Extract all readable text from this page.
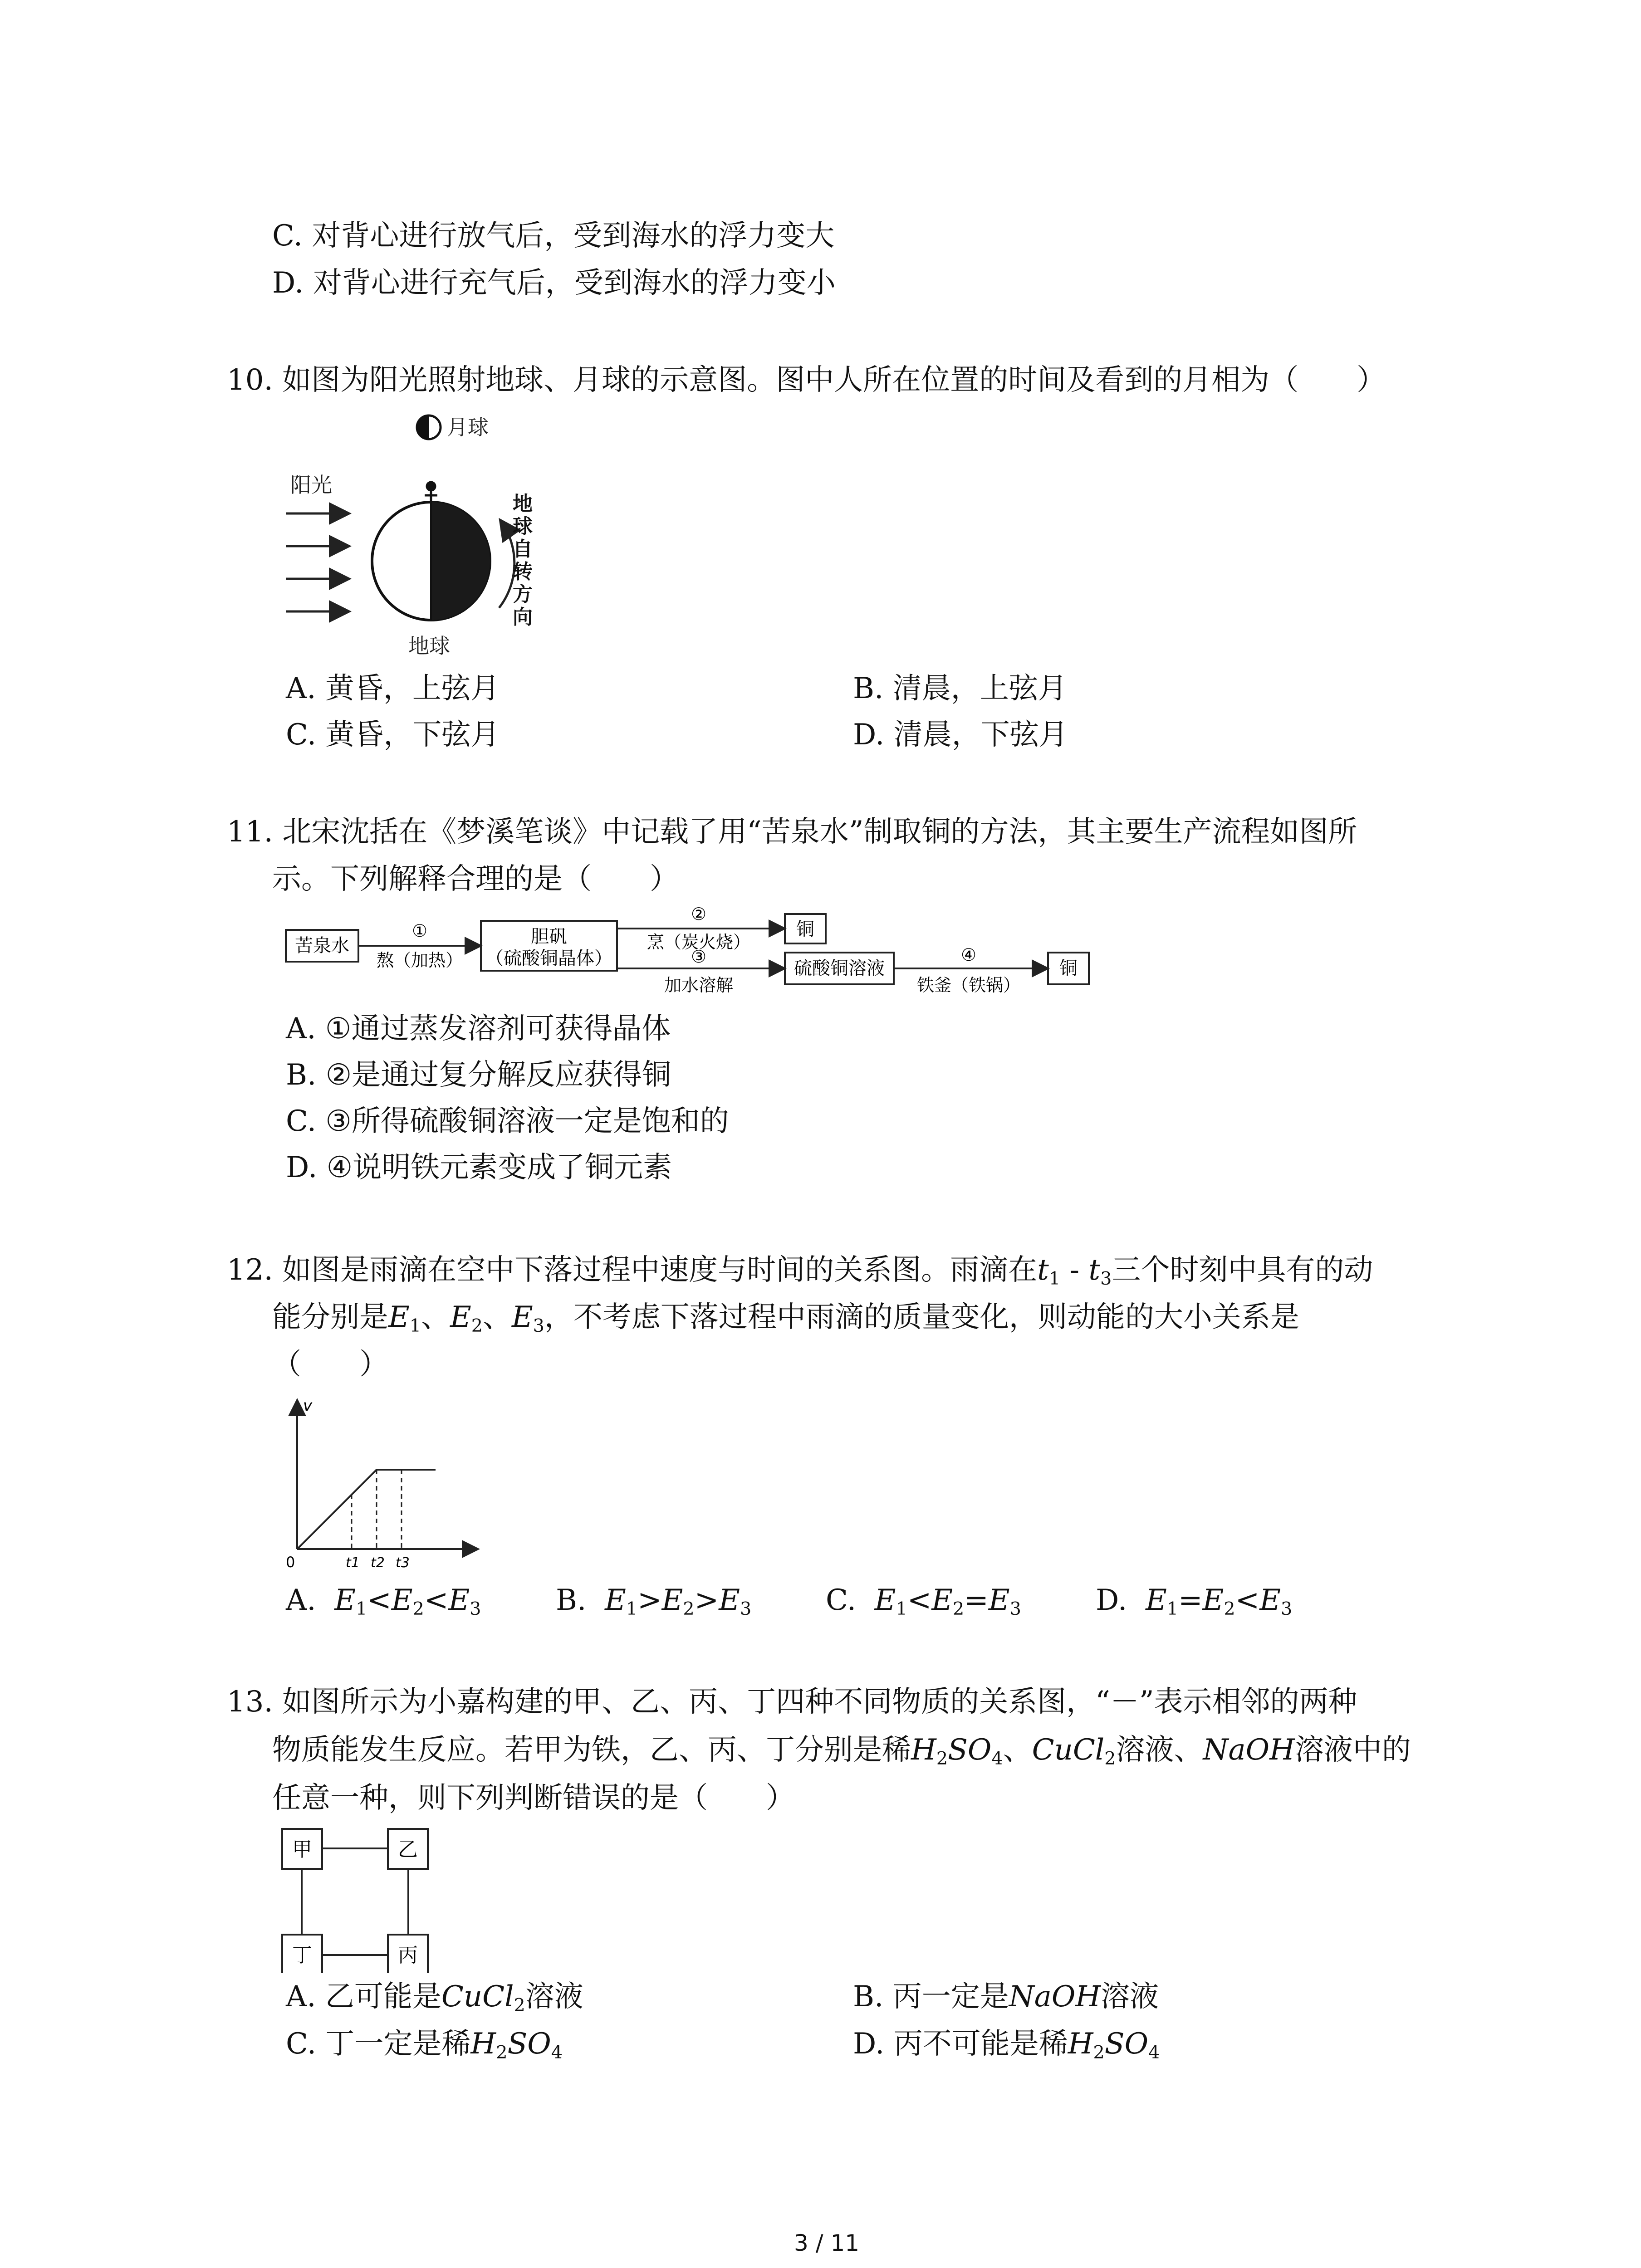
C. 对背心进行放气后，受到海水的浮力变大
D. 对背心进行充气后，受到海水的浮力变小
10. 如图为阳光照射地球、月球的示意图。图中人所在位置的时间及看到的月相为（　　）
月球
阳光
地
球
自
转
方
向
地球
A. 黄昏，上弦月	B. 清晨，上弦月
C. 黄昏，下弦月	D. 清晨，下弦月
11. 北宋沈括在《梦溪笔谈》中记载了用“苦泉水”制取铜的方法，其主要生产流程如图所
示。下列解释合理的是（　　）
苦泉水	胆矾
（硫酸铜晶体）
铜
硫酸铜溶液	铜
①
熬（加热）
②
烹（炭火烧）
③
加水溶解
④
铁釜（铁锅）
A. ①通过蒸发溶剂可获得晶体
B. ②是通过复分解反应获得铜
C. ③所得硫酸铜溶液一定是饱和的
D. ④说明铁元素变成了铜元素
12. 如图是雨滴在空中下落过程中速度与时间的关系图。雨滴在$t_1 - t_3$三个时刻中具有的动
能分别是$E_1$、$E_2$、$E_3$，不考虑下落过程中雨滴的质量变化，则动能的大小关系是
（　　）
v
0	t1 t2 t3
A. $E_1<E_2<E_3$	B. $E_1>E_2>E_3$	C. $E_1<E_2=E_3$	D. $E_1=E_2<E_3$
13. 如图所示为小嘉构建的甲、乙、丙、丁四种不同物质的关系图，“－”表示相邻的两种
物质能发生反应。若甲为铁，乙、丙、丁分别是稀$H_2SO_4$、CuCl$_2$溶液、NaOH溶液中的
任意一种，则下列判断错误的是（　　）
甲	乙
丁	丙
A. 乙可能是CuCl$_2$溶液	B. 丙一定是NaOH溶液
C. 丁一定是稀$H_2SO_4$	D. 丙不可能是稀$H_2SO_4$
3 / 11
